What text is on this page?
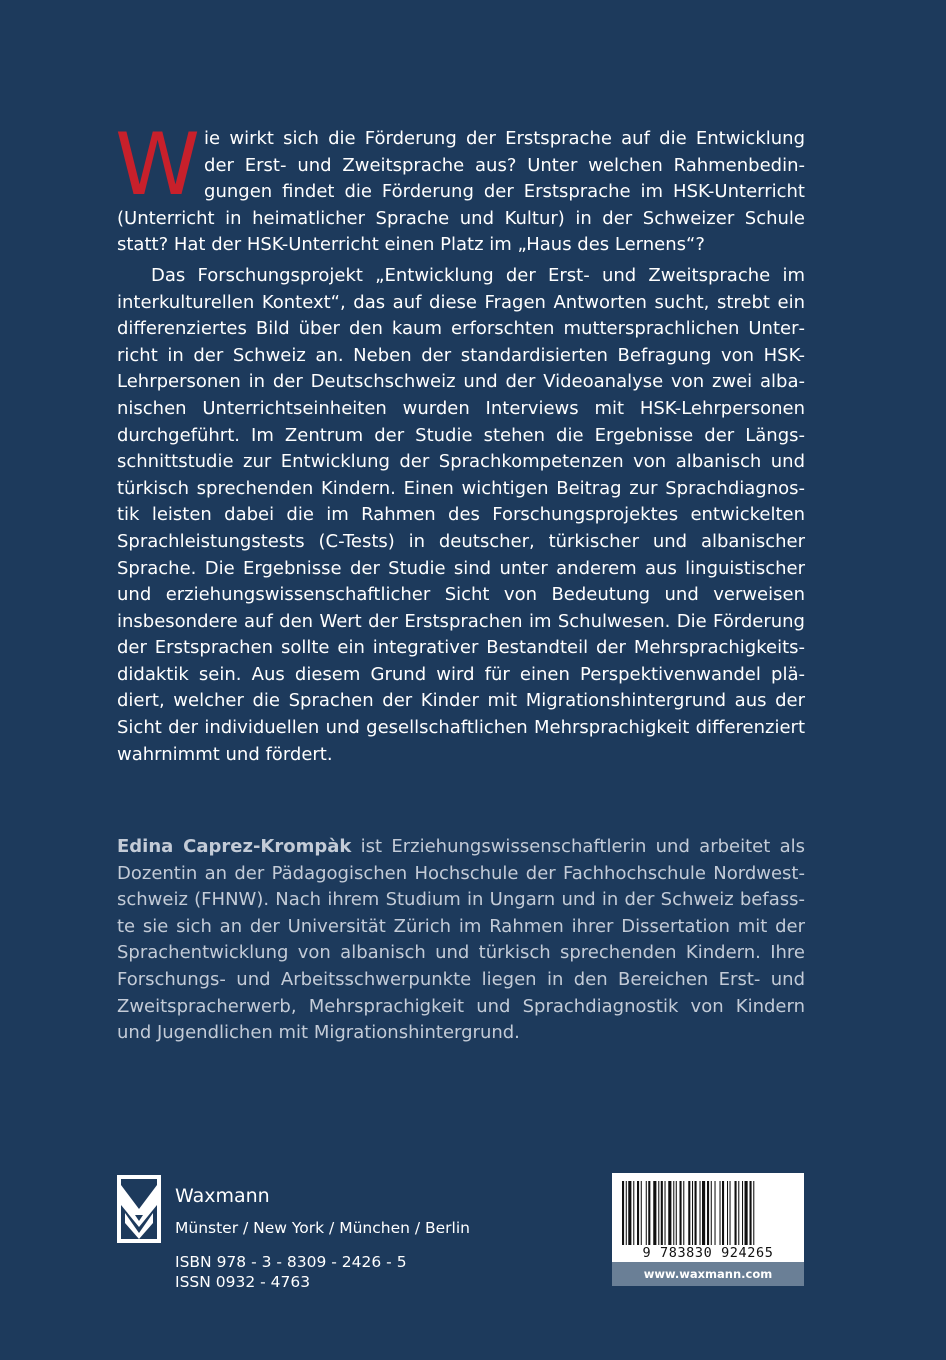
Wie wirkt sich die Förderung der Erstsprache auf die Entwicklung der Erst- und Zweitsprache aus? Unter welchen Rahmenbedingungen findet die Förderung der Erstsprache im HSK-Unterricht (Unterricht in heimatlicher Sprache und Kultur) in der Schweizer Schule statt? Hat der HSK-Unterricht einen Platz im „Haus des Lernens“?

Das Forschungsprojekt „Entwicklung der Erst- und Zweitsprache im interkulturellen Kontext“, das auf diese Fragen Antworten sucht, strebt ein differenziertes Bild über den kaum erforschten muttersprachlichen Unterricht in der Schweiz an. Neben der standardisierten Befragung von HSK-Lehrpersonen in der Deutschschweiz und der Videoanalyse von zwei albanischen Unterrichtseinheiten wurden Interviews mit HSK-Lehrpersonen durchgeführt. Im Zentrum der Studie stehen die Ergebnisse der Längsschnittstudie zur Entwicklung der Sprachkompetenzen von albanisch und türkisch sprechenden Kindern. Einen wichtigen Beitrag zur Sprachdiagnostik leisten dabei die im Rahmen des Forschungsprojektes entwickelten Sprachleistungstests (C-Tests) in deutscher, türkischer und albanischer Sprache. Die Ergebnisse der Studie sind unter anderem aus linguistischer und erziehungswissenschaftlicher Sicht von Bedeutung und verweisen insbesondere auf den Wert der Erstsprachen im Schulwesen. Die Förderung der Erstsprachen sollte ein integrativer Bestandteil der Mehrsprachigkeitsdidaktik sein. Aus diesem Grund wird für einen Perspektivenwandel plädiert, welcher die Sprachen der Kinder mit Migrationshintergrund aus der Sicht der individuellen und gesellschaftlichen Mehrsprachigkeit differenziert wahrnimmt und fördert.

Edina Caprez-Krompàk ist Erziehungswissenschaftlerin und arbeitet als Dozentin an der Pädagogischen Hochschule der Fachhochschule Nordwestschweiz (FHNW). Nach ihrem Studium in Ungarn und in der Schweiz befasste sie sich an der Universität Zürich im Rahmen ihrer Dissertation mit der Sprachentwicklung von albanisch und türkisch sprechenden Kindern. Ihre Forschungs- und Arbeitsschwerpunkte liegen in den Bereichen Erst- und Zweitspracherwerb, Mehrsprachigkeit und Sprachdiagnostik von Kindern und Jugendlichen mit Migrationshintergrund.

Waxmann
Münster / New York / München / Berlin
ISBN 978 - 3 - 8309 - 2426 - 5
ISSN 0932 - 4763
9 783830 924265
www.waxmann.com
